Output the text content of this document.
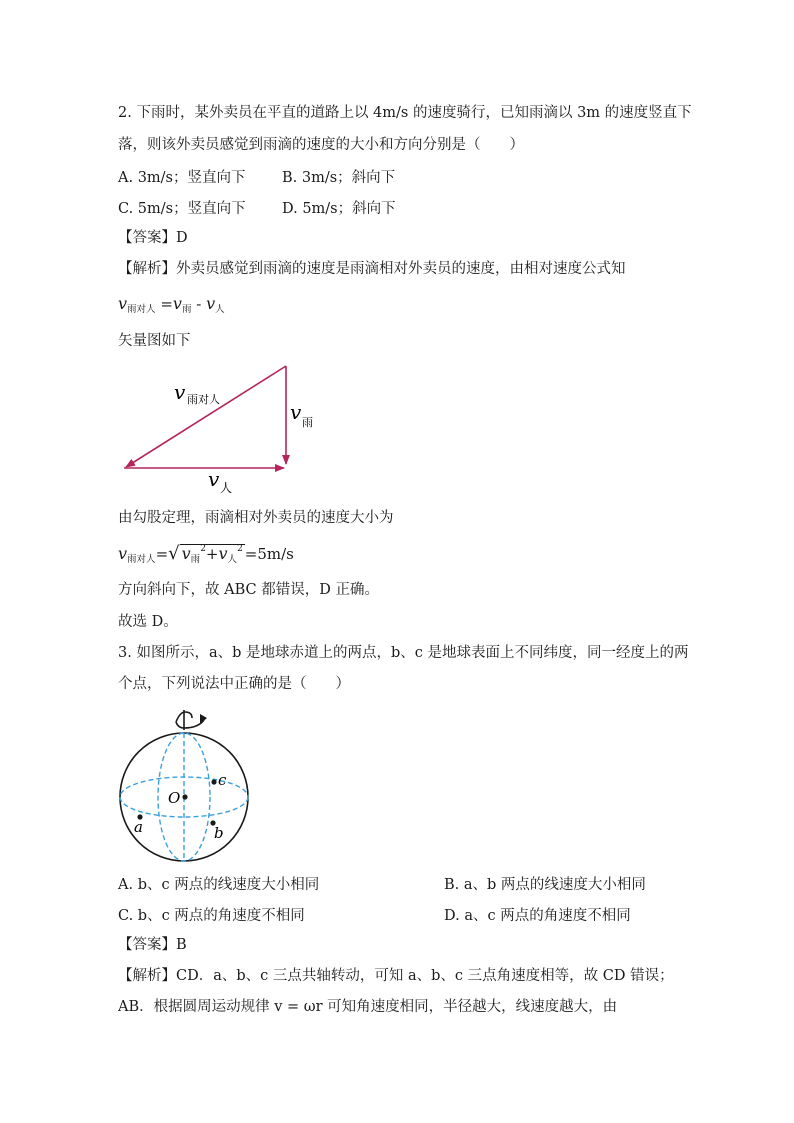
2. 下雨时，某外卖员在平直的道路上以 4m/s 的速度骑行，已知雨滴以 3m 的速度竖直下
落，则该外卖员感觉到雨滴的速度的大小和方向分别是（　　）
A. 3m/s；竖直向下	B. 3m/s；斜向下
C. 5m/s；竖直向下	D. 5m/s；斜向下
【答案】D
【解析】外卖员感觉到雨滴的速度是雨滴相对外卖员的速度，由相对速度公式知
$v_{雨对人} =v_雨 - v_人$
矢量图如下
v 雨对人
v 雨
v 人
由勾股定理，雨滴相对外卖员的速度大小为
$v_{雨对人}=√$ $v_雨^2+v_人^2 =5m/s$
方向斜向下，故 ABC 都错误，D 正确。
故选 D。
3. 如图所示，a、b 是地球赤道上的两点，b、c 是地球表面上不同纬度，同一经度上的两
个点，下列说法中正确的是（　　）
O
c
b
a
A. b、c 两点的线速度大小相同	B. a、b 两点的线速度大小相同
C. b、c 两点的角速度不相同	D. a、c 两点的角速度不相同
【答案】B
【解析】CD．a、b、c 三点共轴转动，可知 a、b、c 三点角速度相等，故 CD 错误；
AB．根据圆周运动规律 v = ωr 可知角速度相同，半径越大，线速度越大，由
